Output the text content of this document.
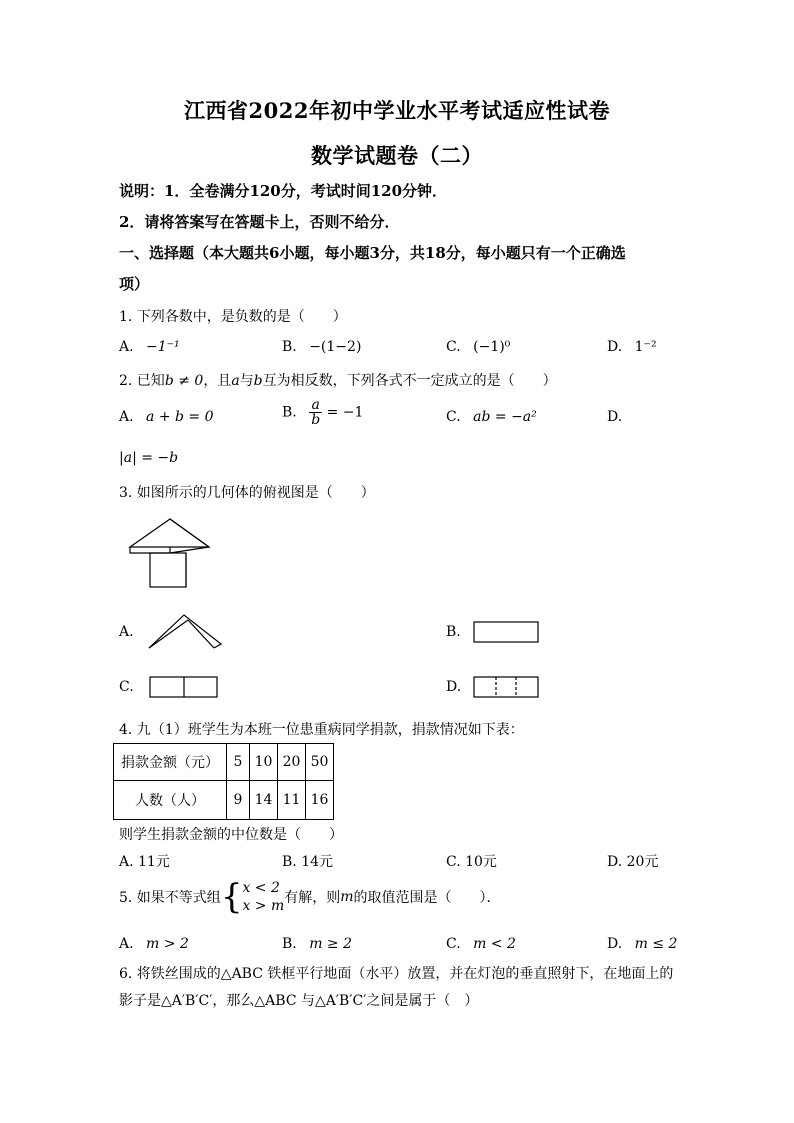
江西省2022年初中学业水平考试适应性试卷
数学试题卷（二）
说明：1．全卷满分120分，考试时间120分钟．
2．请将答案写在答题卡上，否则不给分．
一、选择题（本大题共6小题，每小题3分，共18分，每小题只有一个正确选
项）
1. 下列各数中，是负数的是（　　）
A. −1⁻¹	B. −(1−2)	C. (−1)⁰	D. 1⁻²
2. 已知b ≠ 0，且a与b互为相反数，下列各式不一定成立的是（　　）
A. a + b = 0	B. $\frac{a}{b} = -1$	C. ab = −a²	D.
|a| = −b
3. 如图所示的几何体的俯视图是（　　）
A.	B.
C.	D.
4. 九（1）班学生为本班一位患重病同学捐款，捐款情况如下表：
捐款金额（元）	5	10	20	50
人数（人）	9	14	11	16
则学生捐款金额的中位数是（　　）
A. 11元	B. 14元	C. 10元	D. 20元
5. 如果不等式组{ x < 2
x > m 有解，则m的取值范围是（　　）．
A. m > 2	B. m ≥ 2	C. m < 2	D. m ≤ 2
6. 将铁丝围成的△ABC 铁框平行地面（水平）放置，并在灯泡的垂直照射下，在地面上的
影子是△A′B′C′，那么△ABC 与△A′B′C′之间是属于（　）
